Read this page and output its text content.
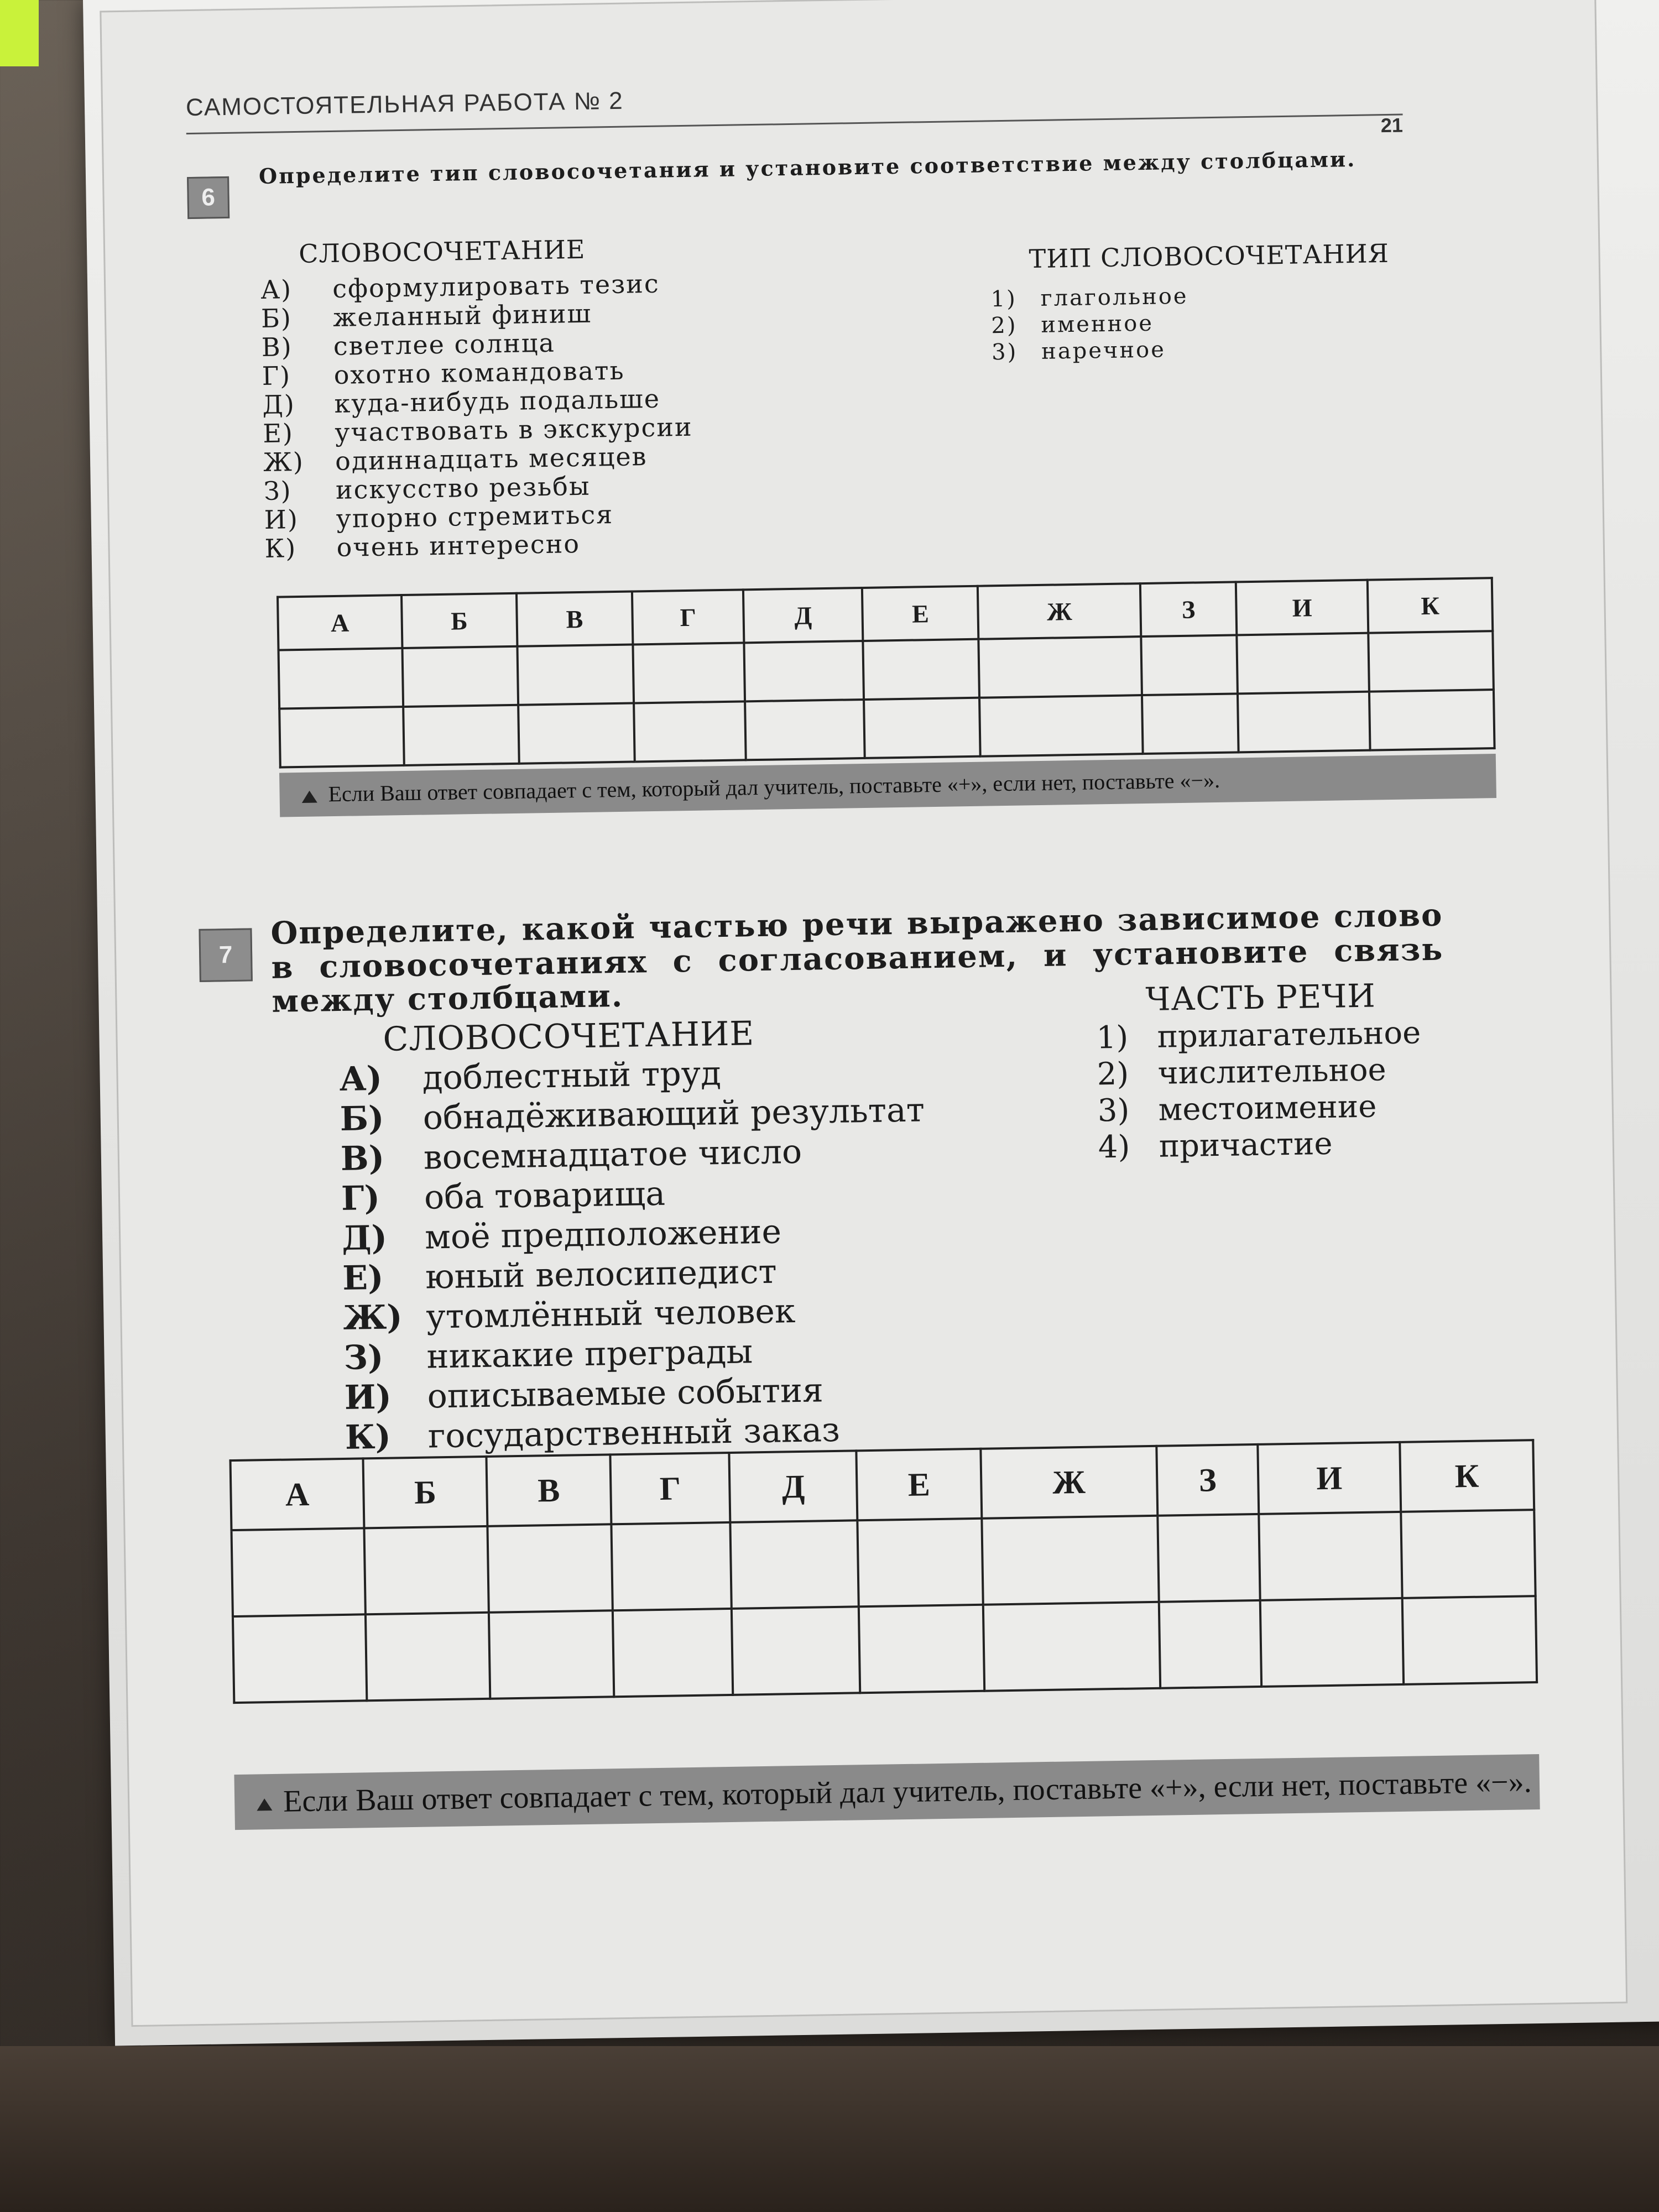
САМОСТОЯТЕЛЬНАЯ РАБОТА № 2
21
6
Определите тип словосочетания и установите соответствие между столбцами.
СЛОВОСОЧЕТАНИЕ	ТИП СЛОВОСОЧЕТАНИЯ
А)	сформулировать тезис
Б)	желанный финиш
В)	светлее солнца
Г)	охотно командовать
Д)	куда-нибудь подальше
Е)	участвовать в экскурсии
Ж)	одиннадцать месяцев
З)	искусство резьбы
И)	упорно стремиться
К)	очень интересно
1)	глагольное
2)	именное
3)	наречное
А	Б	В	Г	Д	Е	Ж	З	И	К

Если Ваш ответ совпадает с тем, который дал учитель, поставьте «+», если нет, поставьте «−».
7
Определите, какой частью речи выражено зависимое слово в словосочетаниях с согласованием, и установите связь между столбцами.
СЛОВОСОЧЕТАНИЕ
ЧАСТЬ РЕЧИ
А)	доблестный труд
Б)	обнадёживающий результат
В)	восемнадцатое число
Г)	оба товарища
Д)	моё предположение
Е)	юный велосипедист
Ж) утомлённый человек
З)	никакие преграды
И)	описываемые события
К)	государственный заказ
1) прилагательное
2) числительное
3) местоимение
4) причастие
А	Б	В	Г	Д	Е	Ж	З	И	К

Если Ваш ответ совпадает с тем, который дал учитель, поставьте «+», если нет, поставьте «−».
